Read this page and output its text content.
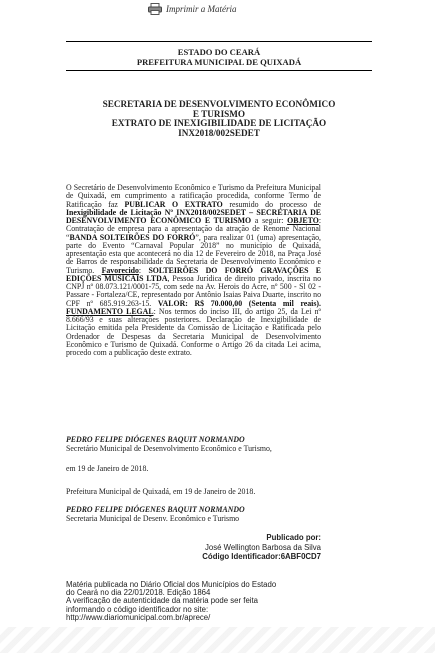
Imprimir a Matéria
ESTADO DO CEARÁ
PREFEITURA MUNICIPAL DE QUIXADÁ
SECRETARIA DE DESENVOLVIMENTO ECONÔMICO
E TURISMO
EXTRATO DE INEXIGIBILIDADE DE LICITAÇÃO
INX2018/002SEDET
O Secretário de Desenvolvimento Econômico e Turismo da Prefeitura Municipal de Quixadá, em cumprimento a ratificação procedida, conforme Termo de Ratificação faz PUBLICAR O EXTRATO resumido do processo de Inexigibilidade de Licitação Nº INX2018/002SEDET – SECRETARIA DE DESENVOLVIMENTO ECONÔMICO E TURISMO a seguir: OBJETO: Contratação de empresa para a apresentação da atração de Renome Nacional “BANDA SOLTEIRÕES DO FORRÓ”, para realizar 01 (uma) apresentação, parte do Evento “Carnaval Popular 2018” no município de Quixadá, apresentação esta que acontecerá no dia 12 de Fevereiro de 2018, na Praça José de Barros de responsabilidade da Secretaria de Desenvolvimento Econômico e Turismo. Favorecido: SOLTEIRÕES DO FORRÓ GRAVAÇÕES E EDIÇÕES MUSICAIS LTDA, Pessoa Jurídica de direito privado, inscrita no CNPJ nº 08.073.121/0001-75, com sede na Av. Herois do Acre, nº 500 - Sl 02 - Passare - Fortaleza/CE, representado por Antônio Isaias Paiva Duarte, inscrito no CPF nº 685.919.263-15. VALOR: R$ 70.000,00 (Setenta mil reais). FUNDAMENTO LEGAL: Nos termos do inciso III, do artigo 25, da Lei nº 8.666/93 e suas alterações posteriores. Declaração de Inexigibilidade de Licitação emitida pela Presidente da Comissão de Licitação e Ratificada pelo Ordenador de Despesas da Secretaria Municipal de Desenvolvimento Econômico e Turismo de Quixadá. Conforme o Artigo 26 da citada Lei acima, procedo com a publicação deste extrato.
PEDRO FELIPE DIÓGENES BAQUIT NORMANDO
Secretário Municipal de Desenvolvimento Econômico e Turismo,
em 19 de Janeiro de 2018.
Prefeitura Municipal de Quixadá, em 19 de Janeiro de 2018.
PEDRO FELIPE DIÓGENES BAQUIT NORMANDO
Secretaria Municipal de Desenv. Econômico e Turismo
Publicado por:
José Wellington Barbosa da Silva
Código Identificador:6ABF0CD7
Matéria publicada no Diário Oficial dos Municípios do Estado
do Ceará no dia 22/01/2018. Edição 1864
A verificação de autenticidade da matéria pode ser feita
informando o código identificador no site:
http://www.diariomunicipal.com.br/aprece/
